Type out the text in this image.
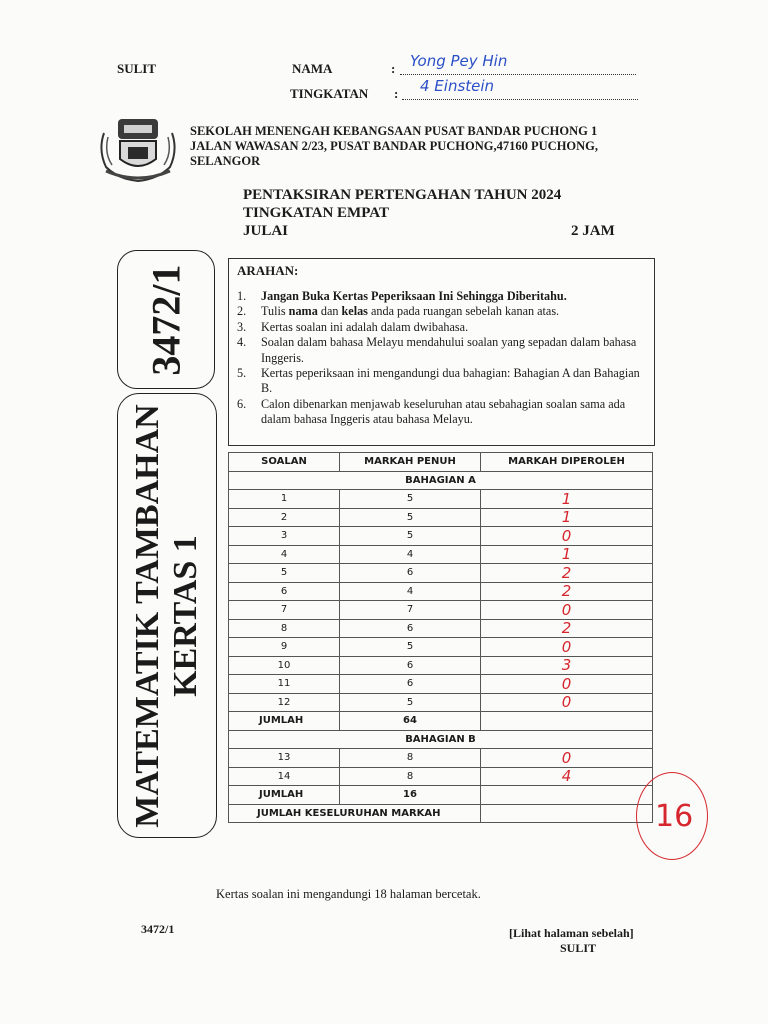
SULIT	NAMA	: Yong Pey Hin
TINGKATAN : 4 Einstein
SEKOLAH MENENGAH KEBANGSAAN PUSAT BANDAR PUCHONG 1
JALAN WAWASAN 2/23, PUSAT BANDAR PUCHONG,47160 PUCHONG,
SELANGOR
PENTAKSIRAN PERTENGAHAN TAHUN 2024
TINGKATAN EMPAT
JULAI	2 JAM
3472/1
MATEMATIK TAMBAHAN KERTAS 1
ARAHAN:
1. Jangan Buka Kertas Peperiksaan Ini Sehingga Diberitahu.
2. Tulis nama dan kelas anda pada ruangan sebelah kanan atas.
3. Kertas soalan ini adalah dalam dwibahasa.
4. Soalan dalam bahasa Melayu mendahului soalan yang sepadan dalam bahasa Inggeris.
5. Kertas peperiksaan ini mengandungi dua bahagian: Bahagian A dan Bahagian B.
6. Calon dibenarkan menjawab keseluruhan atau sebahagian soalan sama ada dalam bahasa Inggeris atau bahasa Melayu.
SOALAN	MARKAH PENUH	MARKAH DIPEROLEH
BAHAGIAN A		
1	5	1
2	5	1
3	5	0
4	4	1
5	6	2
6	4	2
7	7	0
8	6	2
9	5	0
10	6	3
11	6	0
12	5	0
JUMLAH	64	
BAHAGIAN B		
13	8	0
14	8	4
JUMLAH	16	
JUMLAH KESELURUHAN MARKAH			16
Kertas soalan ini mengandungi 18 halaman bercetak.
3472/1	[Lihat halaman sebelah]
SULIT
